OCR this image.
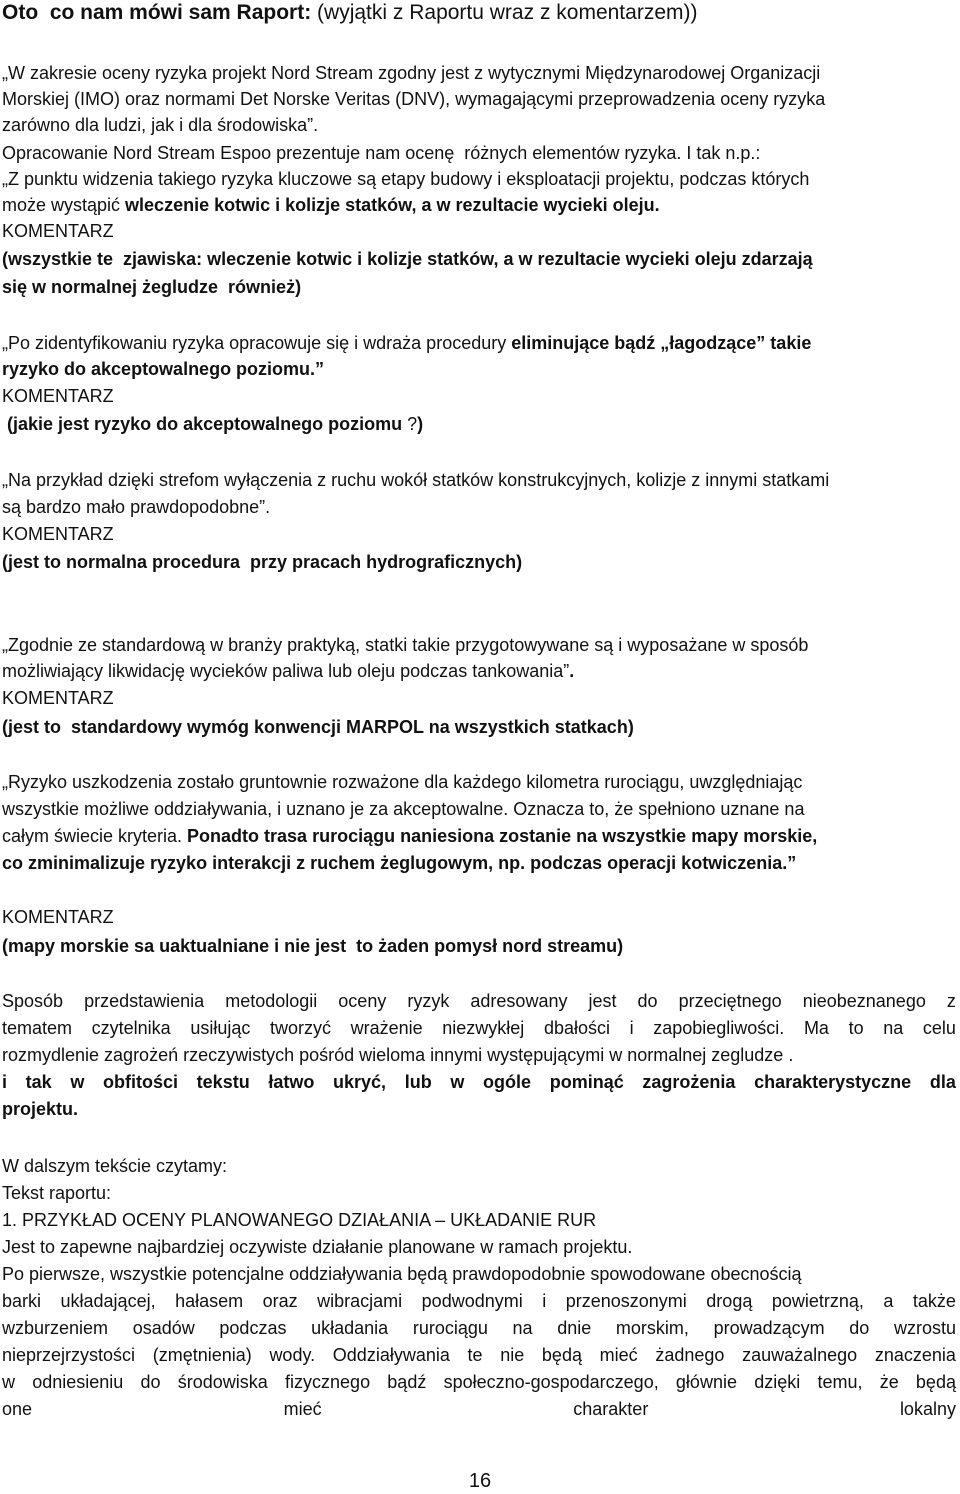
Oto  co nam mówi sam Raport: (wyjątki z Raportu wraz z komentarzem))
„W zakresie oceny ryzyka projekt Nord Stream zgodny jest z wytycznymi Międzynarodowej Organizacji
Morskiej (IMO) oraz normami Det Norske Veritas (DNV), wymagającymi przeprowadzenia oceny ryzyka
zarówno dla ludzi, jak i dla środowiska”.
Opracowanie Nord Stream Espoo prezentuje nam ocenę  różnych elementów ryzyka. I tak n.p.:
„Z punktu widzenia takiego ryzyka kluczowe są etapy budowy i eksploatacji projektu, podczas których
może wystąpić wleczenie kotwic i kolizje statków, a w rezultacie wycieki oleju.
KOMENTARZ
(wszystkie te  zjawiska: wleczenie kotwic i kolizje statków, a w rezultacie wycieki oleju zdarzają
się w normalnej żegludze  również)
„Po zidentyfikowaniu ryzyka opracowuje się i wdraża procedury eliminujące bądź „łagodzące” takie
ryzyko do akceptowalnego poziomu.”
KOMENTARZ
(jakie jest ryzyko do akceptowalnego poziomu ?)
„Na przykład dzięki strefom wyłączenia z ruchu wokół statków konstrukcyjnych, kolizje z innymi statkami
są bardzo mało prawdopodobne”.
KOMENTARZ
(jest to normalna procedura  przy pracach hydrograficznych)
„Zgodnie ze standardową w branży praktyką, statki takie przygotowywane są i wyposażane w sposób
możliwiający likwidację wycieków paliwa lub oleju podczas tankowania”.
KOMENTARZ
(jest to  standardowy wymóg konwencji MARPOL na wszystkich statkach)
„Ryzyko uszkodzenia zostało gruntownie rozważone dla każdego kilometra rurociągu, uwzględniając
wszystkie możliwe oddziaływania, i uznano je za akceptowalne. Oznacza to, że spełniono uznane na
całym świecie kryteria. Ponadto trasa rurociągu naniesiona zostanie na wszystkie mapy morskie,
co zminimalizuje ryzyko interakcji z ruchem żeglugowym, np. podczas operacji kotwiczenia.”
KOMENTARZ
(mapy morskie sa uaktualniane i nie jest  to żaden pomysł nord streamu)
Sposób przedstawienia metodologii oceny ryzyk adresowany jest do przeciętnego nieobeznanego z
tematem czytelnika usiłując tworzyć wrażenie niezwykłej dbałości i zapobiegliwości. Ma to na celu
rozmydlenie zagrożeń rzeczywistych pośród wieloma innymi występującymi w normalnej zegludze .
i tak w obfitości tekstu łatwo ukryć, lub w ogóle pominąć zagrożenia charakterystyczne dla
projektu.
W dalszym tekście czytamy:
Tekst raportu:
1. PRZYKŁAD OCENY PLANOWANEGO DZIAŁANIA – UKŁADANIE RUR
Jest to zapewne najbardziej oczywiste działanie planowane w ramach projektu.
Po pierwsze, wszystkie potencjalne oddziaływania będą prawdopodobnie spowodowane obecnością
barki układającej, hałasem oraz wibracjami podwodnymi i przenoszonymi drogą powietrzną, a także
wzburzeniem osadów podczas układania rurociągu na dnie morskim, prowadzącym do wzrostu
nieprzejrzystości (zmętnienia) wody. Oddziaływania te nie będą mieć żadnego zauważalnego znaczenia
w odniesieniu do środowiska fizycznego bądź społeczno-gospodarczego, głównie dzięki temu, że będą
one	mieć	charakter	lokalny
16
